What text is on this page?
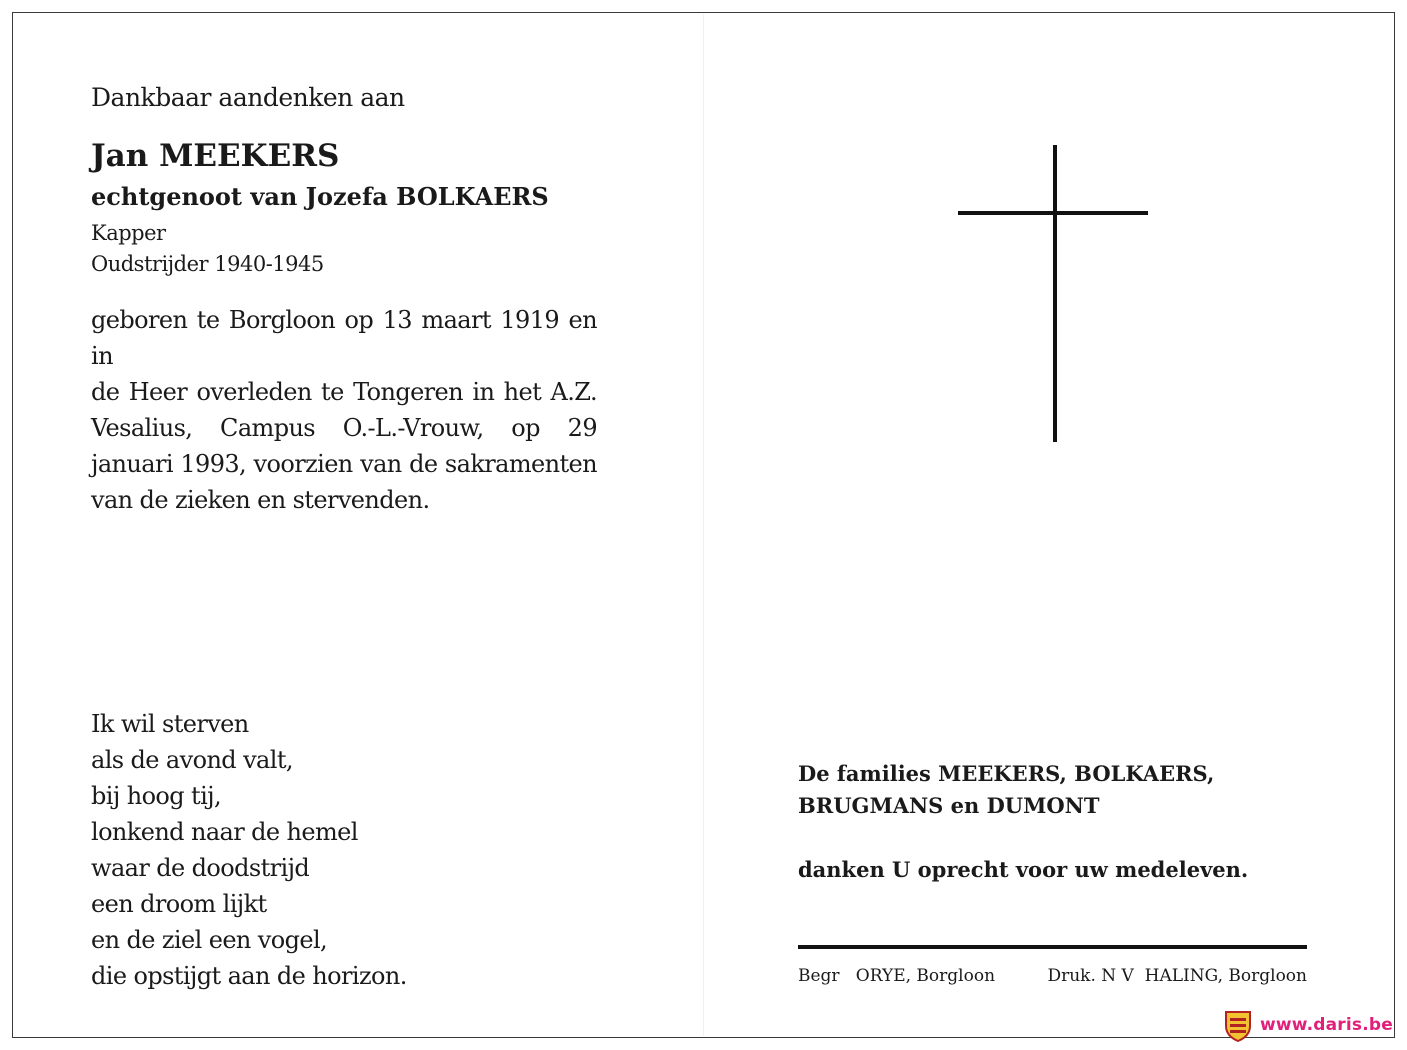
Dankbaar aandenken aan

Jan MEEKERS

echtgenoot van Jozefa BOLKAERS

Kapper

Oudstrijder 1940-1945

geboren te Borgloon op 13 maart 1919 en in
de Heer overleden te Tongeren in het A.Z.
Vesalius, Campus O.-L.-Vrouw, op 29
januari 1993, voorzien van de sakramenten
van de zieken en stervenden.
Ik wil sterven
als de avond valt,
bij hoog tij,
lonkend naar de hemel
waar de doodstrijd
een droom lijkt
en de ziel een vogel,
die opstijgt aan de horizon.
De families MEEKERS, BOLKAERS,
BRUGMANS en DUMONT
danken U oprecht voor uw medeleven.
Begr   ORYE, Borgloon	Druk. N V  HALING, Borgloon
www.daris.be
